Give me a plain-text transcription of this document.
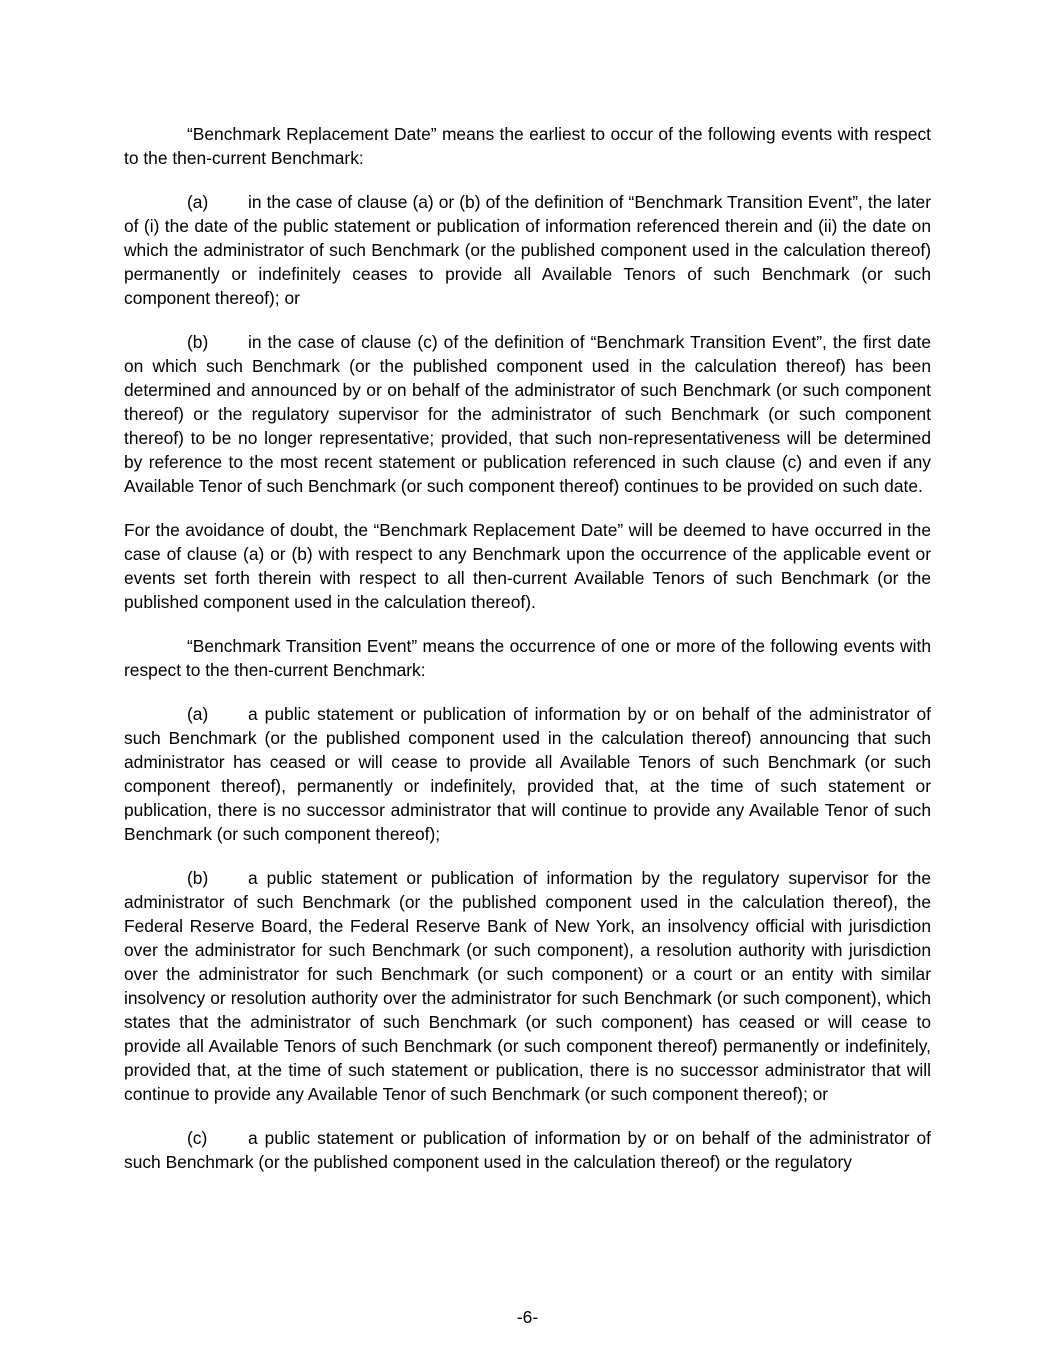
“Benchmark Replacement Date” means the earliest to occur of the following events with respect to the then-current Benchmark:

(a) in the case of clause (a) or (b) of the definition of “Benchmark Transition Event”, the later of (i) the date of the public statement or publication of information referenced therein and (ii) the date on which the administrator of such Benchmark (or the published component used in the calculation thereof) permanently or indefinitely ceases to provide all Available Tenors of such Benchmark (or such component thereof); or

(b) in the case of clause (c) of the definition of “Benchmark Transition Event”, the first date on which such Benchmark (or the published component used in the calculation thereof) has been determined and announced by or on behalf of the administrator of such Benchmark (or such component thereof) or the regulatory supervisor for the administrator of such Benchmark (or such component thereof) to be no longer representative; provided, that such non-representativeness will be determined by reference to the most recent statement or publication referenced in such clause (c) and even if any Available Tenor of such Benchmark (or such component thereof) continues to be provided on such date.

For the avoidance of doubt, the “Benchmark Replacement Date” will be deemed to have occurred in the case of clause (a) or (b) with respect to any Benchmark upon the occurrence of the applicable event or events set forth therein with respect to all then-current Available Tenors of such Benchmark (or the published component used in the calculation thereof).

“Benchmark Transition Event” means the occurrence of one or more of the following events with respect to the then-current Benchmark:

(a) a public statement or publication of information by or on behalf of the administrator of such Benchmark (or the published component used in the calculation thereof) announcing that such administrator has ceased or will cease to provide all Available Tenors of such Benchmark (or such component thereof), permanently or indefinitely, provided that, at the time of such statement or publication, there is no successor administrator that will continue to provide any Available Tenor of such Benchmark (or such component thereof);

(b) a public statement or publication of information by the regulatory supervisor for the administrator of such Benchmark (or the published component used in the calculation thereof), the Federal Reserve Board, the Federal Reserve Bank of New York, an insolvency official with jurisdiction over the administrator for such Benchmark (or such component), a resolution authority with jurisdiction over the administrator for such Benchmark (or such component) or a court or an entity with similar insolvency or resolution authority over the administrator for such Benchmark (or such component), which states that the administrator of such Benchmark (or such component) has ceased or will cease to provide all Available Tenors of such Benchmark (or such component thereof) permanently or indefinitely, provided that, at the time of such statement or publication, there is no successor administrator that will continue to provide any Available Tenor of such Benchmark (or such component thereof); or

(c) a public statement or publication of information by or on behalf of the administrator of such Benchmark (or the published component used in the calculation thereof) or the regulatory

-6-
